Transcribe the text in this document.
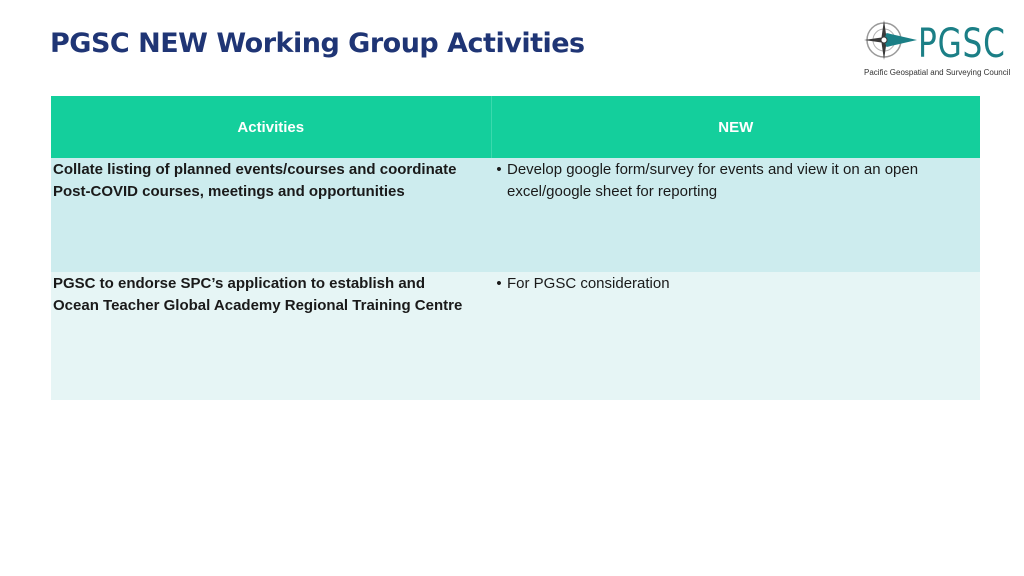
PGSC NEW Working Group Activities	PGSC
Pacific Geospatial and Surveying Council
Activities	NEW
Collate listing of planned events/courses and coordinate Post-COVID courses, meetings and opportunities	• Develop google form/survey for events and view it on an open excel/google sheet for reporting

PGSC to endorse SPC’s application to establish and Ocean Teacher Global Academy Regional Training Centre	• For PGSC consideration
